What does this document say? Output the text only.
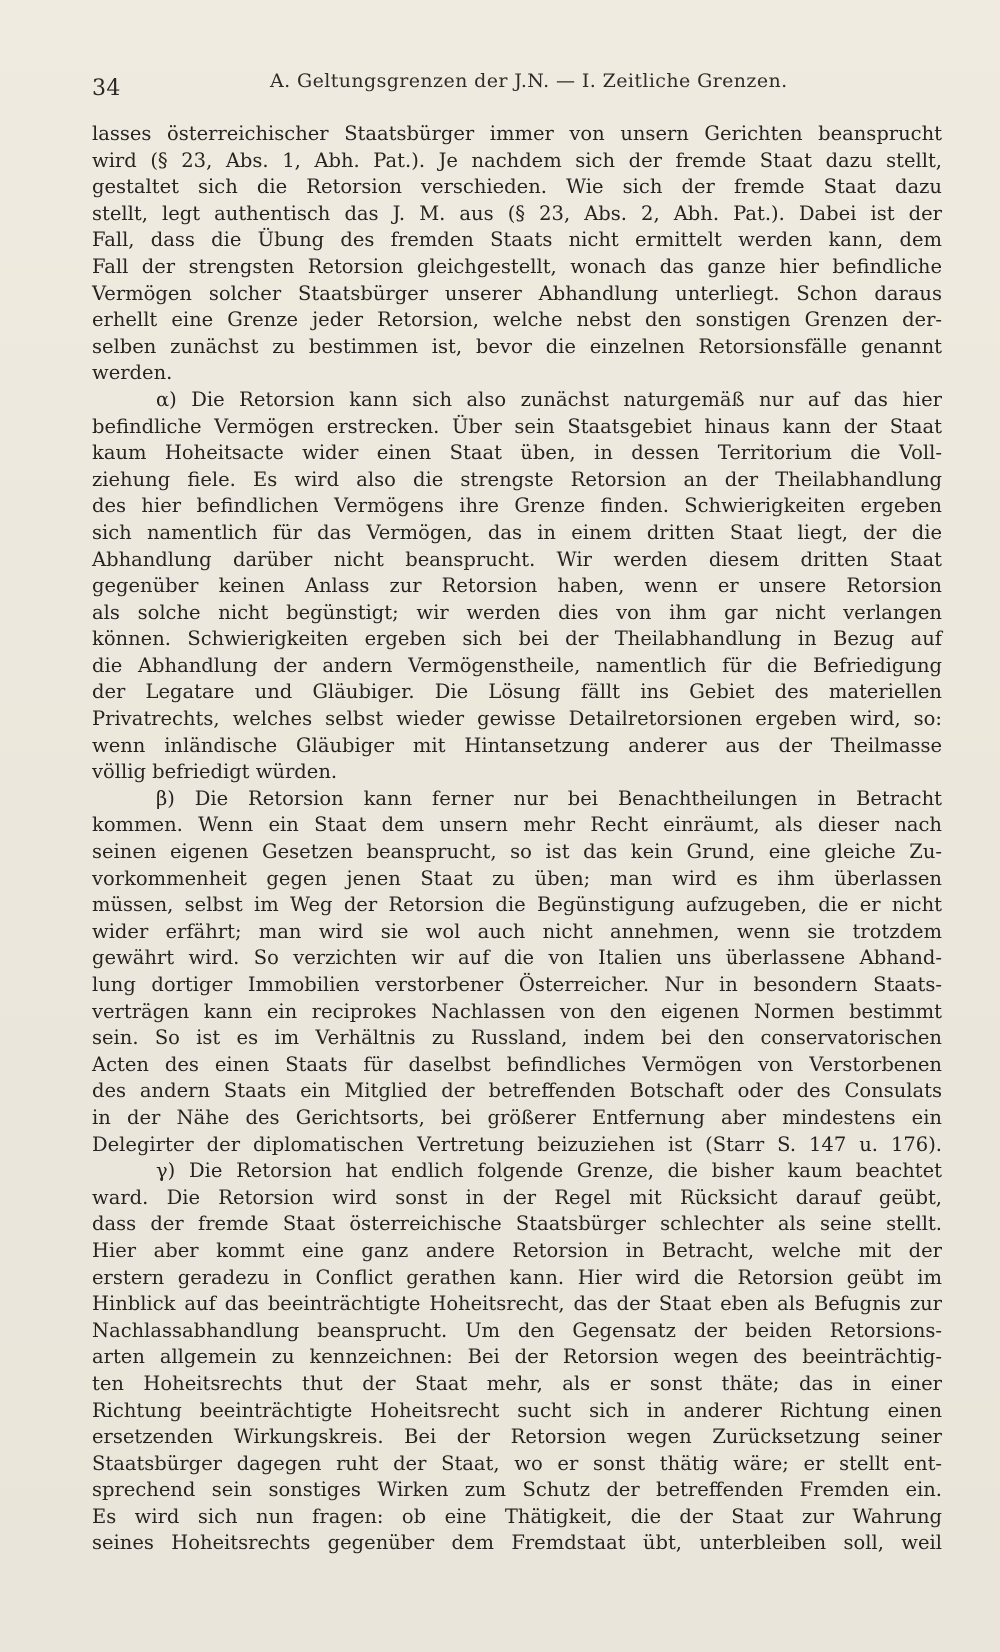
34	A. Geltungsgrenzen der J.N. — I. Zeitliche Grenzen.
lasses österreichischer Staatsbürger immer von unsern Gerichten beansprucht
wird (§ 23, Abs. 1, Abh. Pat.). Je nachdem sich der fremde Staat dazu stellt,
gestaltet sich die Retorsion verschieden. Wie sich der fremde Staat dazu
stellt, legt authentisch das J. M. aus (§ 23, Abs. 2, Abh. Pat.). Dabei ist der
Fall, dass die Übung des fremden Staats nicht ermittelt werden kann, dem
Fall der strengsten Retorsion gleichgestellt, wonach das ganze hier befindliche
Vermögen solcher Staatsbürger unserer Abhandlung unterliegt. Schon daraus
erhellt eine Grenze jeder Retorsion, welche nebst den sonstigen Grenzen der-
selben zunächst zu bestimmen ist, bevor die einzelnen Retorsionsfälle genannt
werden.
α) Die Retorsion kann sich also zunächst naturgemäß nur auf das hier
befindliche Vermögen erstrecken. Über sein Staatsgebiet hinaus kann der Staat
kaum Hoheitsacte wider einen Staat üben, in dessen Territorium die Voll-
ziehung fiele. Es wird also die strengste Retorsion an der Theilabhandlung
des hier befindlichen Vermögens ihre Grenze finden. Schwierigkeiten ergeben
sich namentlich für das Vermögen, das in einem dritten Staat liegt, der die
Abhandlung darüber nicht beansprucht. Wir werden diesem dritten Staat
gegenüber keinen Anlass zur Retorsion haben, wenn er unsere Retorsion
als solche nicht begünstigt; wir werden dies von ihm gar nicht verlangen
können. Schwierigkeiten ergeben sich bei der Theilabhandlung in Bezug auf
die Abhandlung der andern Vermögenstheile, namentlich für die Befriedigung
der Legatare und Gläubiger. Die Lösung fällt ins Gebiet des materiellen
Privatrechts, welches selbst wieder gewisse Detailretorsionen ergeben wird, so:
wenn inländische Gläubiger mit Hintansetzung anderer aus der Theilmasse
völlig befriedigt würden.
β) Die Retorsion kann ferner nur bei Benachtheilungen in Betracht
kommen. Wenn ein Staat dem unsern mehr Recht einräumt, als dieser nach
seinen eigenen Gesetzen beansprucht, so ist das kein Grund, eine gleiche Zu-
vorkommenheit gegen jenen Staat zu üben; man wird es ihm überlassen
müssen, selbst im Weg der Retorsion die Begünstigung aufzugeben, die er nicht
wider erfährt; man wird sie wol auch nicht annehmen, wenn sie trotzdem
gewährt wird. So verzichten wir auf die von Italien uns überlassene Abhand-
lung dortiger Immobilien verstorbener Österreicher. Nur in besondern Staats-
verträgen kann ein reciprokes Nachlassen von den eigenen Normen bestimmt
sein. So ist es im Verhältnis zu Russland, indem bei den conservatorischen
Acten des einen Staats für daselbst befindliches Vermögen von Verstorbenen
des andern Staats ein Mitglied der betreffenden Botschaft oder des Consulats
in der Nähe des Gerichtsorts, bei größerer Entfernung aber mindestens ein
Delegirter der diplomatischen Vertretung beizuziehen ist (Starr S. 147 u. 176).
γ) Die Retorsion hat endlich folgende Grenze, die bisher kaum beachtet
ward. Die Retorsion wird sonst in der Regel mit Rücksicht darauf geübt,
dass der fremde Staat österreichische Staatsbürger schlechter als seine stellt.
Hier aber kommt eine ganz andere Retorsion in Betracht, welche mit der
erstern geradezu in Conflict gerathen kann. Hier wird die Retorsion geübt im
Hinblick auf das beeinträchtigte Hoheitsrecht, das der Staat eben als Befugnis zur
Nachlassabhandlung beansprucht. Um den Gegensatz der beiden Retorsions-
arten allgemein zu kennzeichnen: Bei der Retorsion wegen des beeinträchtig-
ten Hoheitsrechts thut der Staat mehr, als er sonst thäte; das in einer
Richtung beeinträchtigte Hoheitsrecht sucht sich in anderer Richtung einen
ersetzenden Wirkungskreis. Bei der Retorsion wegen Zurücksetzung seiner
Staatsbürger dagegen ruht der Staat, wo er sonst thätig wäre; er stellt ent-
sprechend sein sonstiges Wirken zum Schutz der betreffenden Fremden ein.
Es wird sich nun fragen: ob eine Thätigkeit, die der Staat zur Wahrung
seines Hoheitsrechts gegenüber dem Fremdstaat übt, unterbleiben soll, weil
